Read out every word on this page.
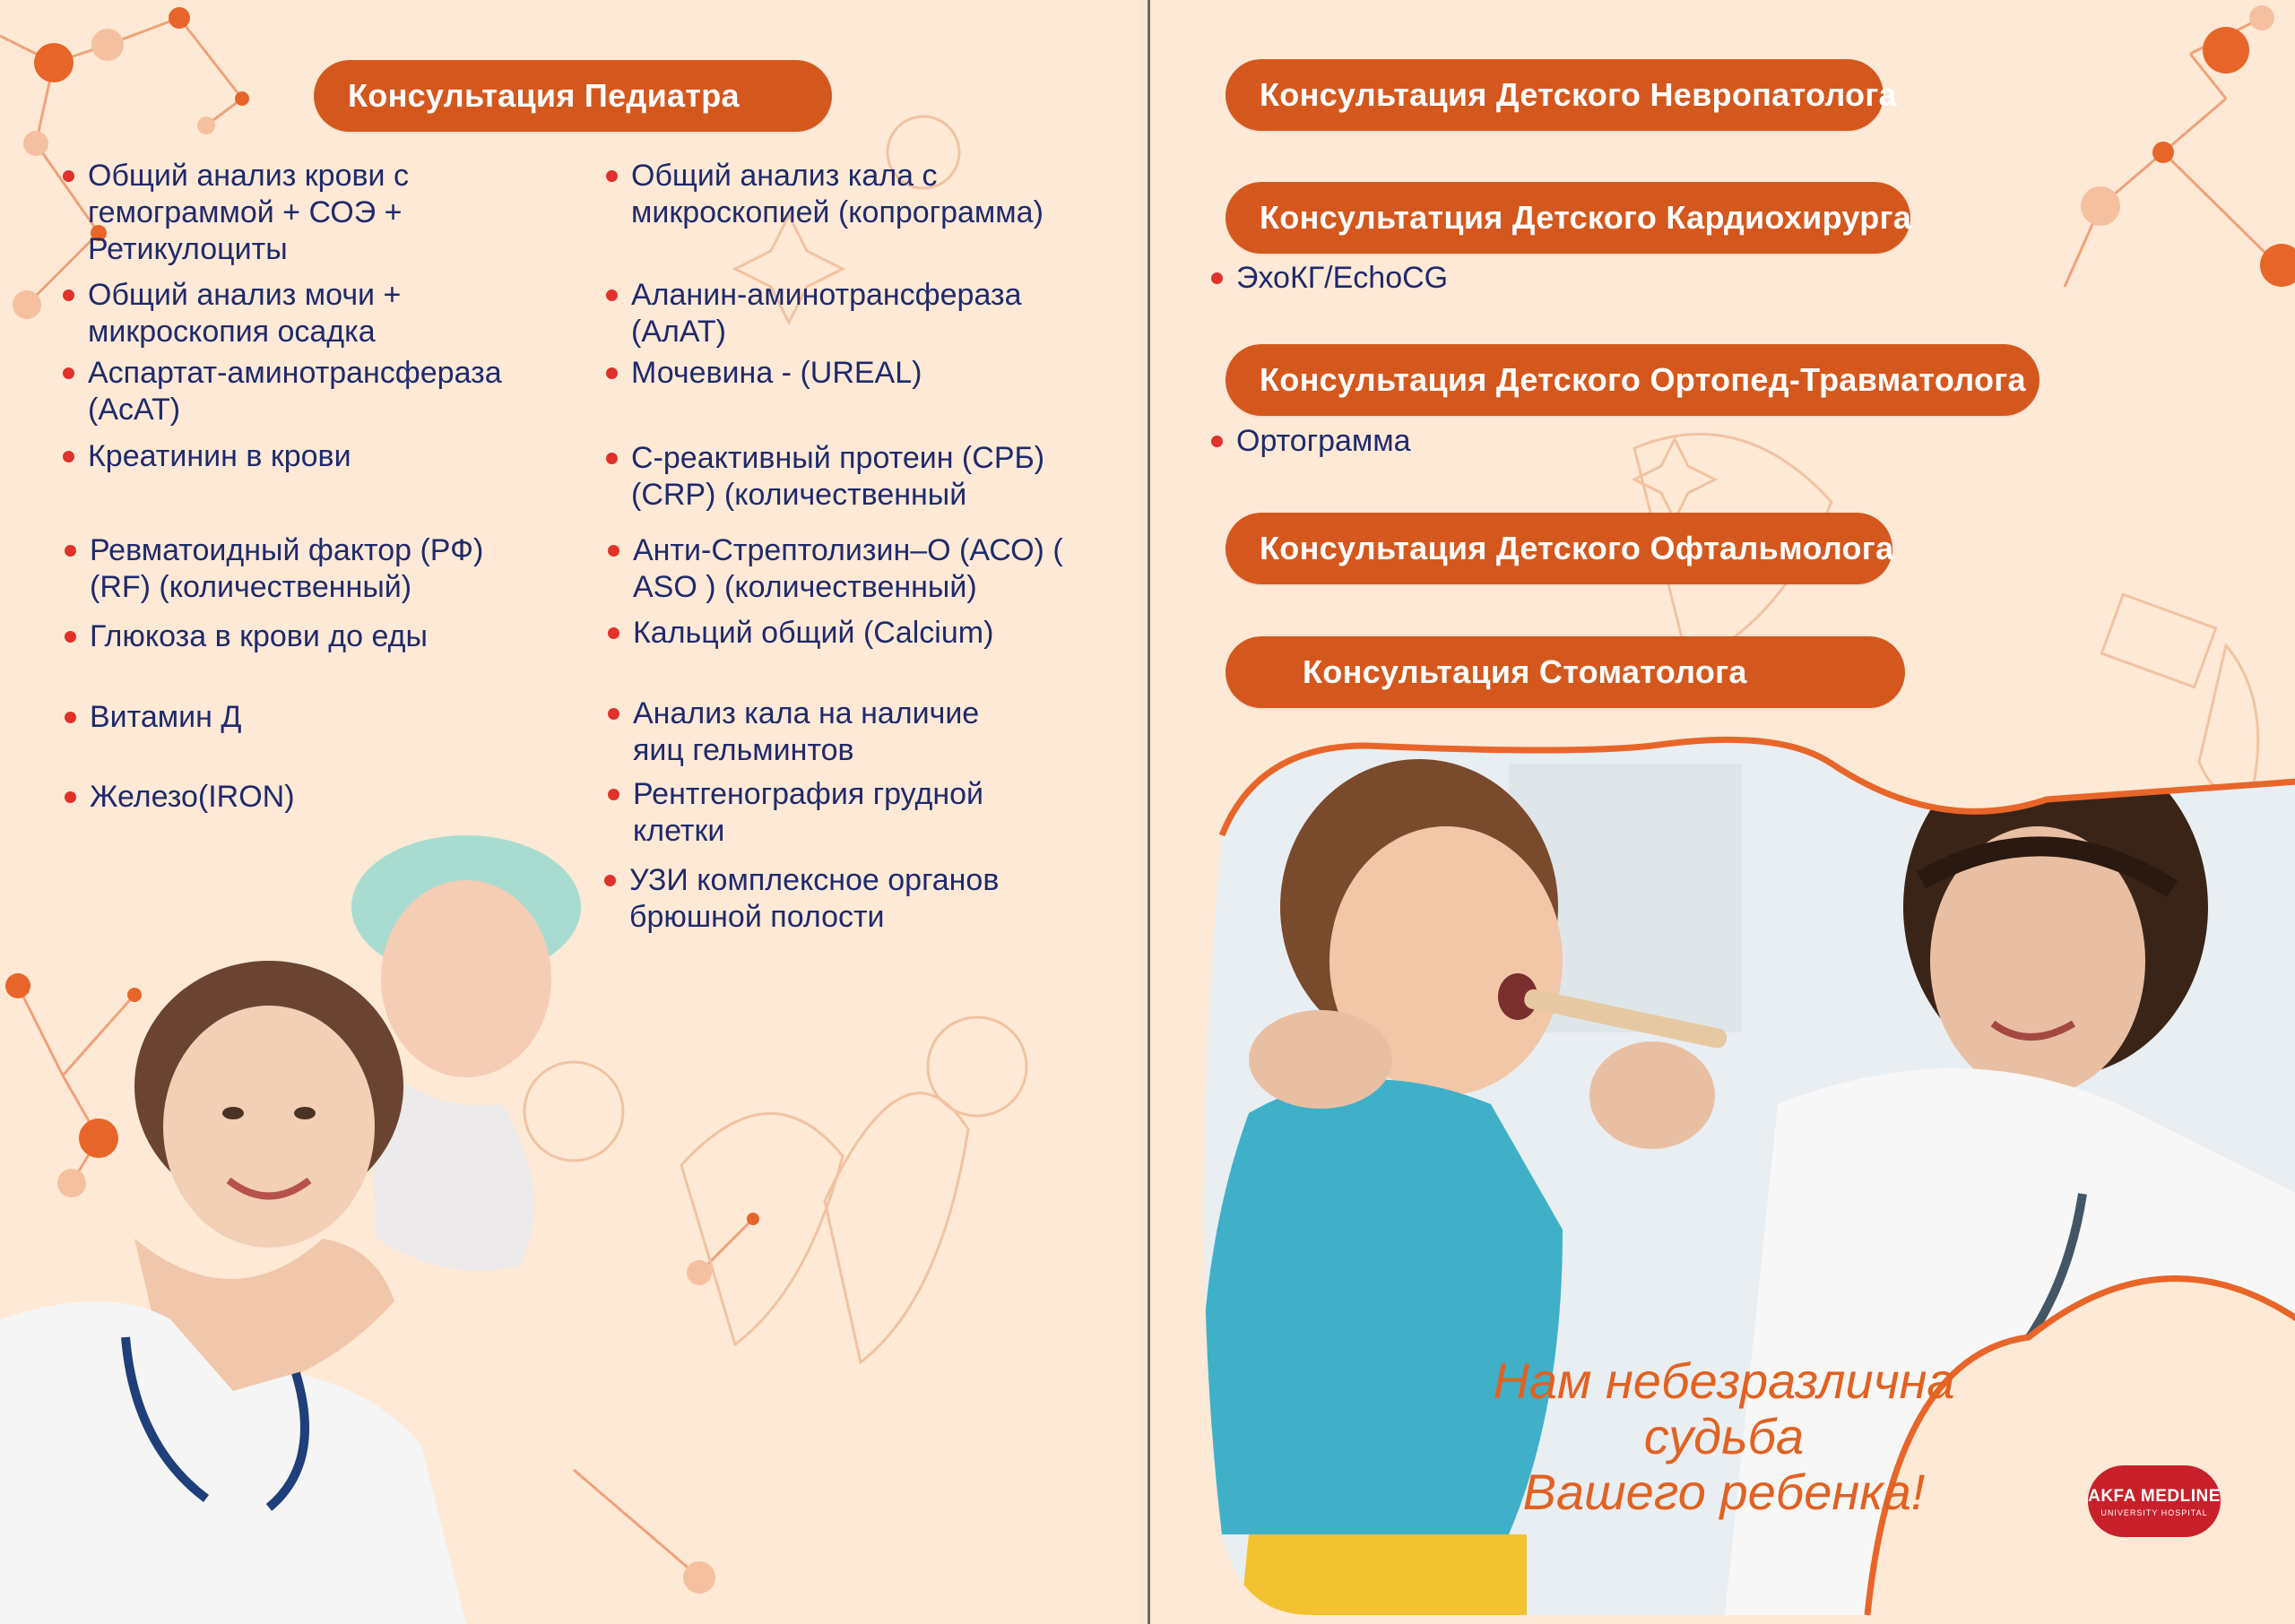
Консультация Педиатра
Общий анализ крови с гемограммой + СОЭ + Ретикулоциты
Общий анализ мочи + микроскопия осадка
Аспартат-аминотрансфераза (АсАТ)
Креатинин в крови
Ревматоидный фактор (РФ) (RF) (количественный)
Глюкоза в крови до еды
Витамин Д
Железо(IRON)
Общий анализ кала с микроскопией (копрограмма)
Аланин-аминотрансфераза (АлАТ)
Мочевина - (UREAL)
С-реактивный протеин (СРБ) (CRP) (количественный
Анти-Стрептолизин–О (АСО) ( ASO ) (количественный)
Кальций общий (Calcium)
Анализ кала на наличие яиц гельминтов
Рентгенография грудной клетки
УЗИ комплексное органов брюшной полости
Консультация Детского Невропатолога
Консультатция Детского Кардиохирурга
ЭхоКГ/EchoCG
Консультация Детского Ортопед-Травматолога
Ортограмма
Консультация Детского Офтальмолога
Консультация Стоматолога
Нам небезразлична
судьба
Вашего ребенка!	AKFA MEDLINE
UNIVERSITY HOSPITAL
